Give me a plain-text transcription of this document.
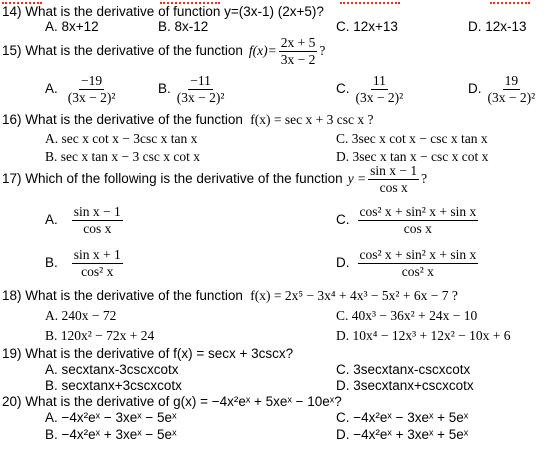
14) What is the derivative of function y=(3x-1) (2x+5)?
A. 8x+12	B. 8x-12	C. 12x+13	D. 12x-13
15) What is the derivative of the function $f(x)= \frac{2x + 5}{3x - 2}$ ?
A. $\frac{-19}{\text{(3x − 2)²}}$	B. $\frac{-11}{\text{(3x − 2)²}}$	C. $\frac{11}{\text{(3x − 2)²}}$	D. $\frac{19}{\text{(3x − 2)²}}$
16) What is the derivative of the function f(x) = sec x + 3 csc x ?
A. sec x cot x − 3csc x tan x
B. sec x tan x − 3 csc x cot x
C. 3sec x cot x − csc x tan x
D. 3sec x tan x − csc x cot x
17) Which of the following is the derivative of the function $y = \frac{\text{sin x − 1}}{\text{cos x}}$ ?
A. $\frac{\text{sin x − 1}}{\text{cos x}}$
B. $\frac{\text{sin x + 1}}{\text{cos² x}}$
C. $\frac{\text{cos² x + sin² x + sin x}}{\text{cos x}}$
D. $\frac{\text{cos² x + sin² x + sin x}}{\text{cos² x}}$
18) What is the derivative of the function f(x) = 2x⁵ − 3x⁴ + 4x³ − 5x² + 6x − 7 ?
A. 240x − 72
B. 120x² − 72x + 24
C. 40x³ − 36x² + 24x − 10
D. 10x⁴ − 12x³ + 12x² − 10x + 6
19) What is the derivative of f(x) = secx + 3cscx?
A. secxtanx-3cscxcotx
B. secxtanx+3cscxcotx
C. 3secxtanx-cscxcotx
D. 3secxtanx+cscxcotx
20) What is the derivative of g(x) = −4x²eˣ + 5xeˣ − 10eˣ?
A. −4x²eˣ − 3xeˣ − 5eˣ
B. −4x²eˣ + 3xeˣ − 5eˣ
C. −4x²eˣ − 3xeˣ + 5eˣ
D. −4x²eˣ + 3xeˣ + 5eˣ
